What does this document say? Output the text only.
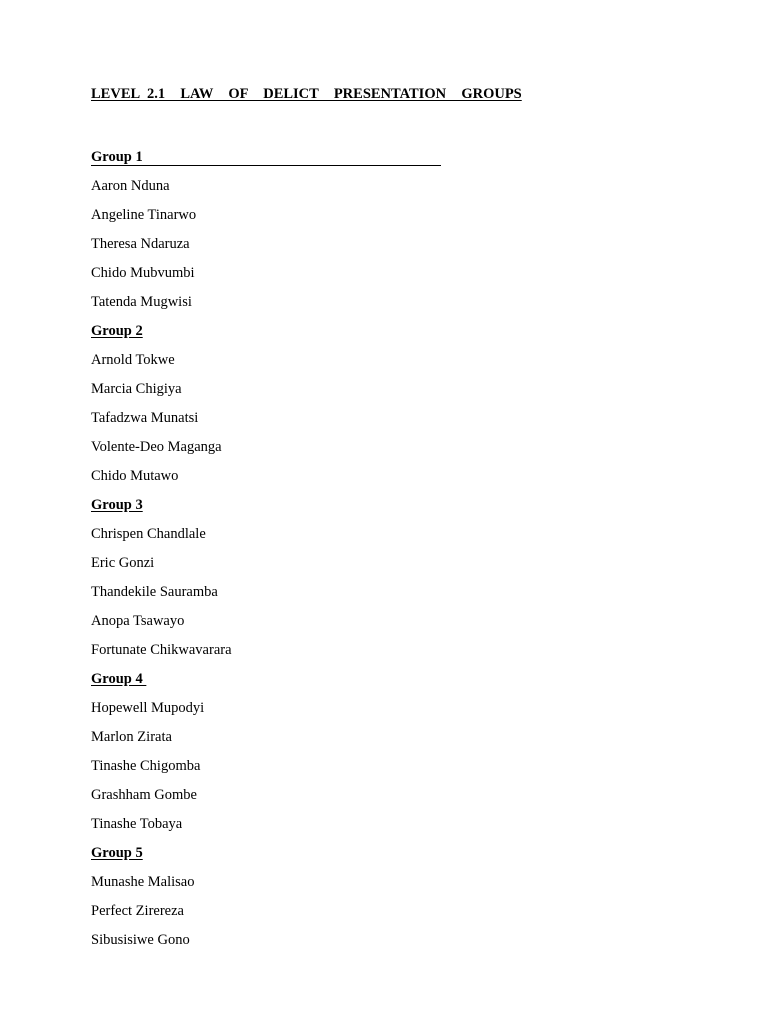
LEVEL 2.1  LAW  OF  DELICT  PRESENTATION  GROUPS
Group 1
Aaron Nduna
Angeline Tinarwo
Theresa Ndaruza
Chido Mubvumbi
Tatenda Mugwisi
Group 2
Arnold Tokwe
Marcia Chigiya
Tafadzwa Munatsi
Volente-Deo Maganga
Chido Mutawo
Group 3
Chrispen Chandlale
Eric Gonzi
Thandekile Sauramba
Anopa Tsawayo
Fortunate Chikwavarara
Group 4
Hopewell Mupodyi
Marlon Zirata
Tinashe Chigomba
Grashham Gombe
Tinashe Tobaya
Group 5
Munashe Malisao
Perfect Zirereza
Sibusisiwe Gono
